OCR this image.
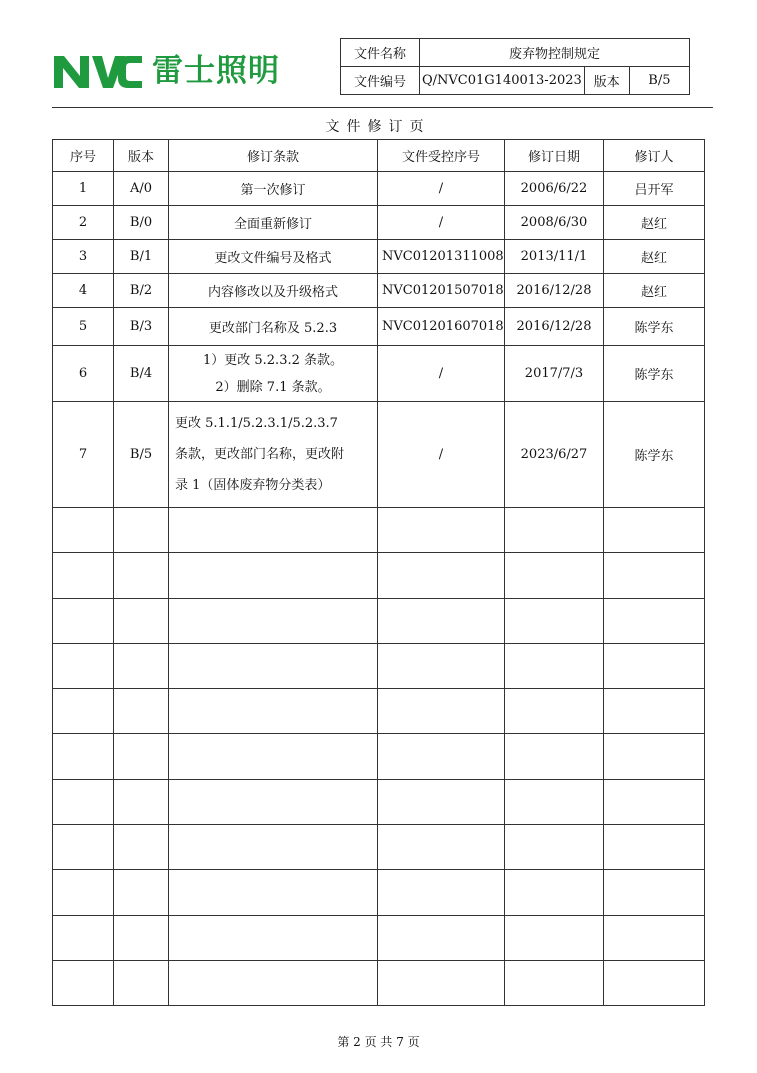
雷士照明	文件名称	废弃物控制规定		
文件编号	Q/NVC01G140013-2023	版本	B/5
文件修订页
序号	版本	修订条款	文件受控序号	修订日期	修订人
1	A/0	第一次修订	/	2006/6/22	吕开军
2	B/0	全面重新修订	/	2008/6/30	赵红
3	B/1	更改文件编号及格式	NVC01201311008	2013/11/1	赵红
4	B/2	内容修改以及升级格式	NVC01201507018	2016/12/28	赵红
5	B/3	更改部门名称及 5.2.3	NVC01201607018	2016/12/28	陈学东
6	B/4	1）更改 5.2.3.2 条款。
2）删除 7.1 条款。	/	2017/7/3	陈学东
7	B/5	更改 5.1.1/5.2.3.1/5.2.3.7
条款，更改部门名称，更改附
录 1（固体废弃物分类表）	/	2023/6/27	陈学东

第 2 页 共 7 页
